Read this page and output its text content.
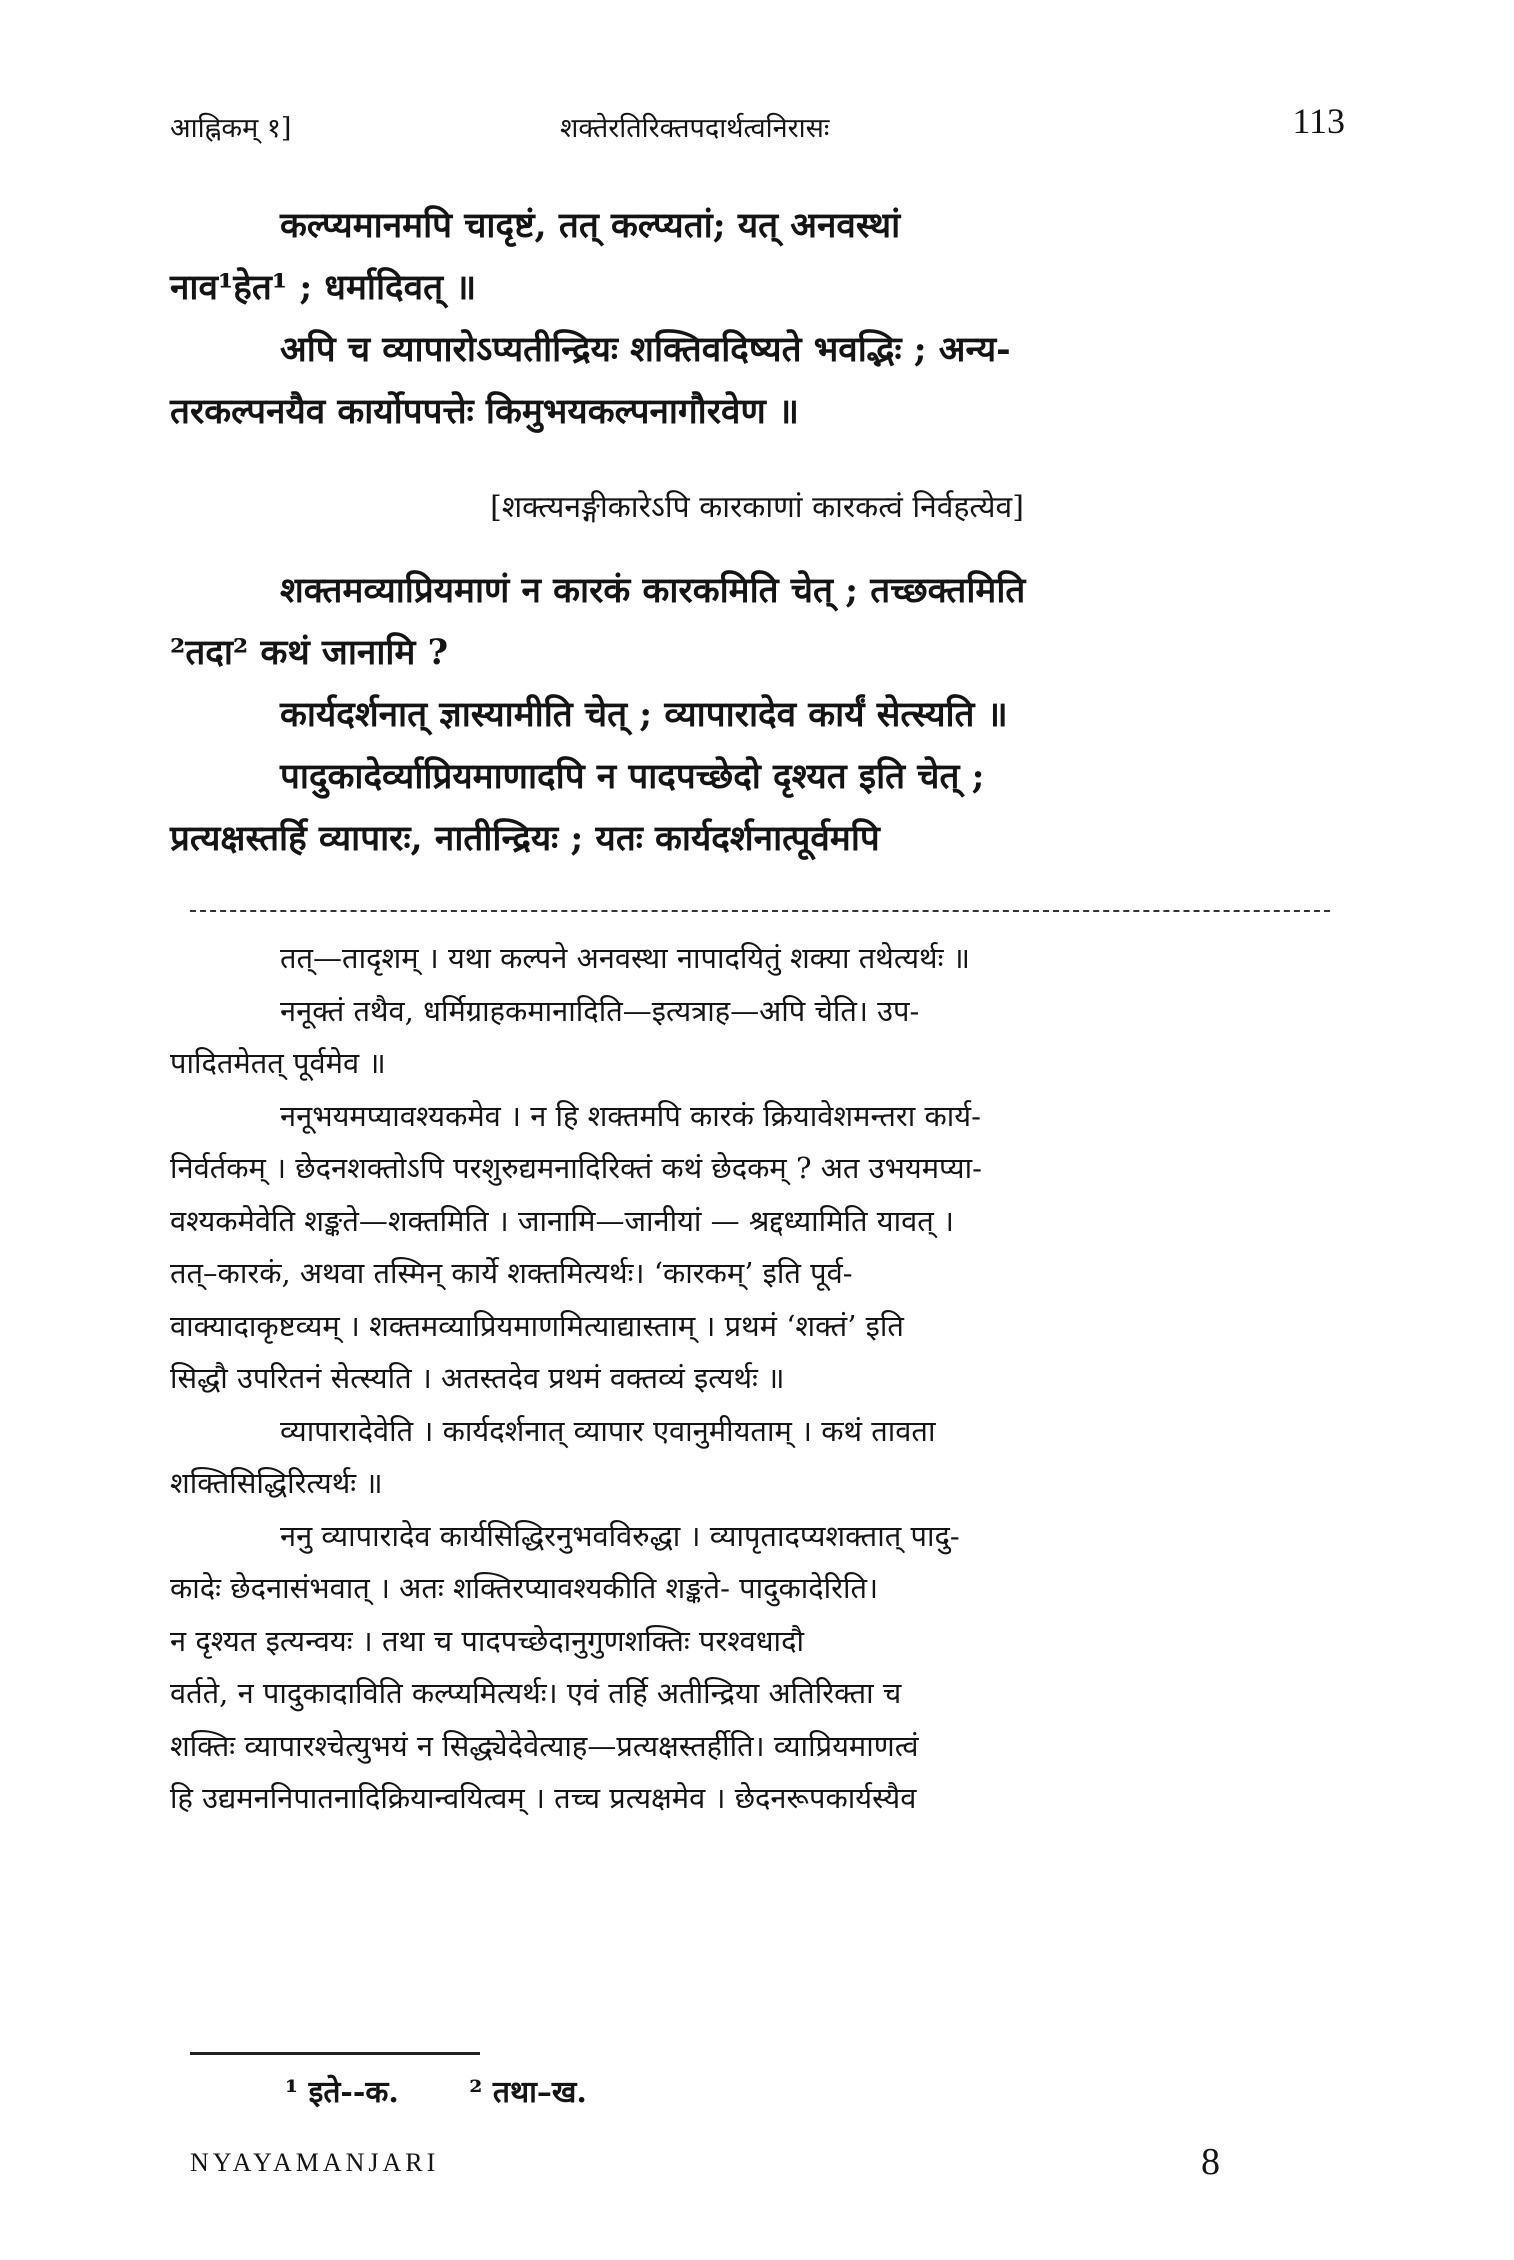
आह्निकम् १]	शक्तेरतिरिक्तपदार्थत्वनिरासः	113
कल्प्यमानमपि चादृष्टं, तत् कल्प्यतां; यत् अनवस्थां
नाव¹हेत¹ ; धर्मादिवत् ॥
अपि च व्यापारोऽप्यतीन्द्रियः शक्तिवदिष्यते भवद्भिः ; अन्य-
तरकल्पनयैव कार्योपपत्तेः किमुभयकल्पनागौरवेण ॥
[शक्त्यनङ्गीकारेऽपि कारकाणां कारकत्वं निर्वहत्येव]
शक्तमव्याप्रियमाणं न कारकं कारकमिति चेत् ; तच्छक्तमिति
²तदा² कथं जानामि ?
कार्यदर्शनात् ज्ञास्यामीति चेत् ; व्यापारादेव कार्यं सेत्स्यति ॥
पादुकादेर्व्याप्रियमाणादपि न पादपच्छेदो दृश्यत इति चेत् ;
प्रत्यक्षस्तर्हि व्यापारः, नातीन्द्रियः ; यतः कार्यदर्शनात्पूर्वमपि
तत्—तादृशम् । यथा कल्पने अनवस्था नापादयितुं शक्या तथेत्यर्थः ॥
ननूक्तं तथैव, धर्मिग्राहकमानादिति—इत्यत्राह—अपि चेति। उप-
पादितमेतत् पूर्वमेव ॥
ननूभयमप्यावश्यकमेव । न हि शक्तमपि कारकं क्रियावेशमन्तरा कार्य-
निर्वर्तकम् । छेदनशक्तोऽपि परशुरुद्यमनादिरिक्तं कथं छेदकम् ? अत उभयमप्या-
वश्यकमेवेति शङ्कते—शक्तमिति । जानामि—जानीयां — श्रद्दध्यामिति यावत् ।
तत्–कारकं, अथवा तस्मिन् कार्ये शक्तमित्यर्थः। ‘कारकम्’ इति पूर्व-
वाक्यादाकृष्टव्यम् । शक्तमव्याप्रियमाणमित्याद्यास्ताम् । प्रथमं ‘शक्तं’ इति
सिद्धौ उपरितनं सेत्स्यति । अतस्तदेव प्रथमं वक्तव्यं इत्यर्थः ॥
व्यापारादेवेति । कार्यदर्शनात् व्यापार एवानुमीयताम् । कथं तावता
शक्तिसिद्धिरित्यर्थः ॥
ननु व्यापारादेव कार्यसिद्धिरनुभवविरुद्धा । व्यापृतादप्यशक्तात् पादु-
कादेः छेदनासंभवात् । अतः शक्तिरप्यावश्यकीति शङ्कते- पादुकादेरिति।
न दृश्यत इत्यन्वयः । तथा च पादपच्छेदानुगुणशक्तिः परश्वधादौ
वर्तते, न पादुकादाविति कल्प्यमित्यर्थः। एवं तर्हि अतीन्द्रिया अतिरिक्ता च
शक्तिः व्यापारश्चेत्युभयं न सिद्ध्येदेवेत्याह—प्रत्यक्षस्तर्हीति। व्याप्रियमाणत्वं
हि उद्यमननिपातनादिक्रियान्वयित्वम् । तच्च प्रत्यक्षमेव । छेदनरूपकार्यस्यैव
¹ इते--क. ² तथा–ख.
NYAYAMANJARI	8
